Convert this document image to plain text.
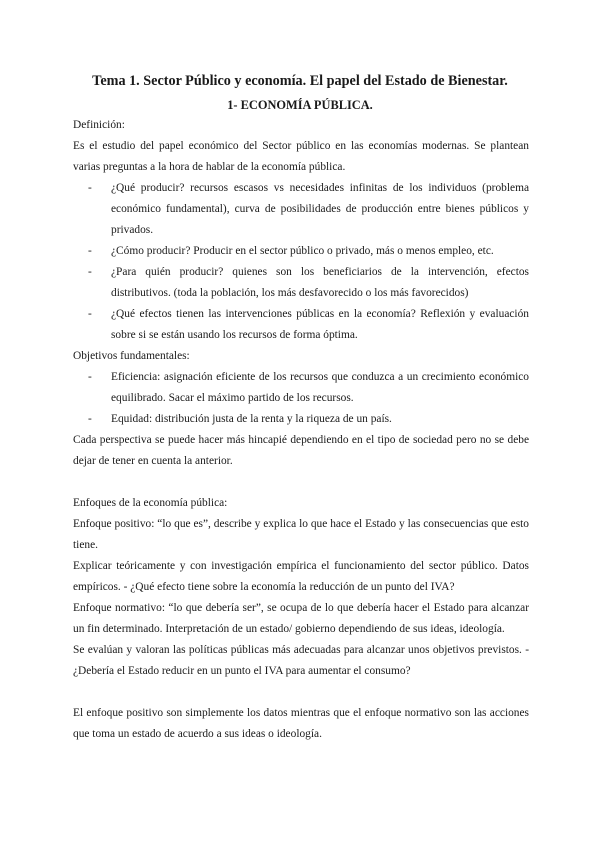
Tema 1. Sector Público y economía. El papel del Estado de Bienestar.
1- ECONOMÍA PÚBLICA.

Definición:

Es el estudio del papel económico del Sector público en las economías modernas. Se plantean varias preguntas a la hora de hablar de la economía pública.

- ¿Qué producir? recursos escasos vs necesidades infinitas de los individuos (problema económico fundamental), curva de posibilidades de producción entre bienes públicos y privados.
- ¿Cómo producir? Producir en el sector público o privado, más o menos empleo, etc.
- ¿Para quién producir? quienes son los beneficiarios de la intervención, efectos distributivos. (toda la población, los más desfavorecido o los más favorecidos)
- ¿Qué efectos tienen las intervenciones públicas en la economía? Reflexión y evaluación sobre si se están usando los recursos de forma óptima.

Objetivos fundamentales:

- Eficiencia: asignación eficiente de los recursos que conduzca a un crecimiento económico equilibrado. Sacar el máximo partido de los recursos.
- Equidad: distribución justa de la renta y la riqueza de un país.

Cada perspectiva se puede hacer más hincapié dependiendo en el tipo de sociedad pero no se debe dejar de tener en cuenta la anterior.

Enfoques de la economía pública:

Enfoque positivo: “lo que es”, describe y explica lo que hace el Estado y las consecuencias que esto tiene.

Explicar teóricamente y con investigación empírica el funcionamiento del sector público. Datos empíricos. - ¿Qué efecto tiene sobre la economía la reducción de un punto del IVA?

Enfoque normativo: “lo que debería ser”, se ocupa de lo que debería hacer el Estado para alcanzar un fin determinado. Interpretación de un estado/ gobierno dependiendo de sus ideas, ideología.

Se evalúan y valoran las políticas públicas más adecuadas para alcanzar unos objetivos previstos. - ¿Debería el Estado reducir en un punto el IVA para aumentar el consumo?

El enfoque positivo son simplemente los datos mientras que el enfoque normativo son las acciones que toma un estado de acuerdo a sus ideas o ideología.
